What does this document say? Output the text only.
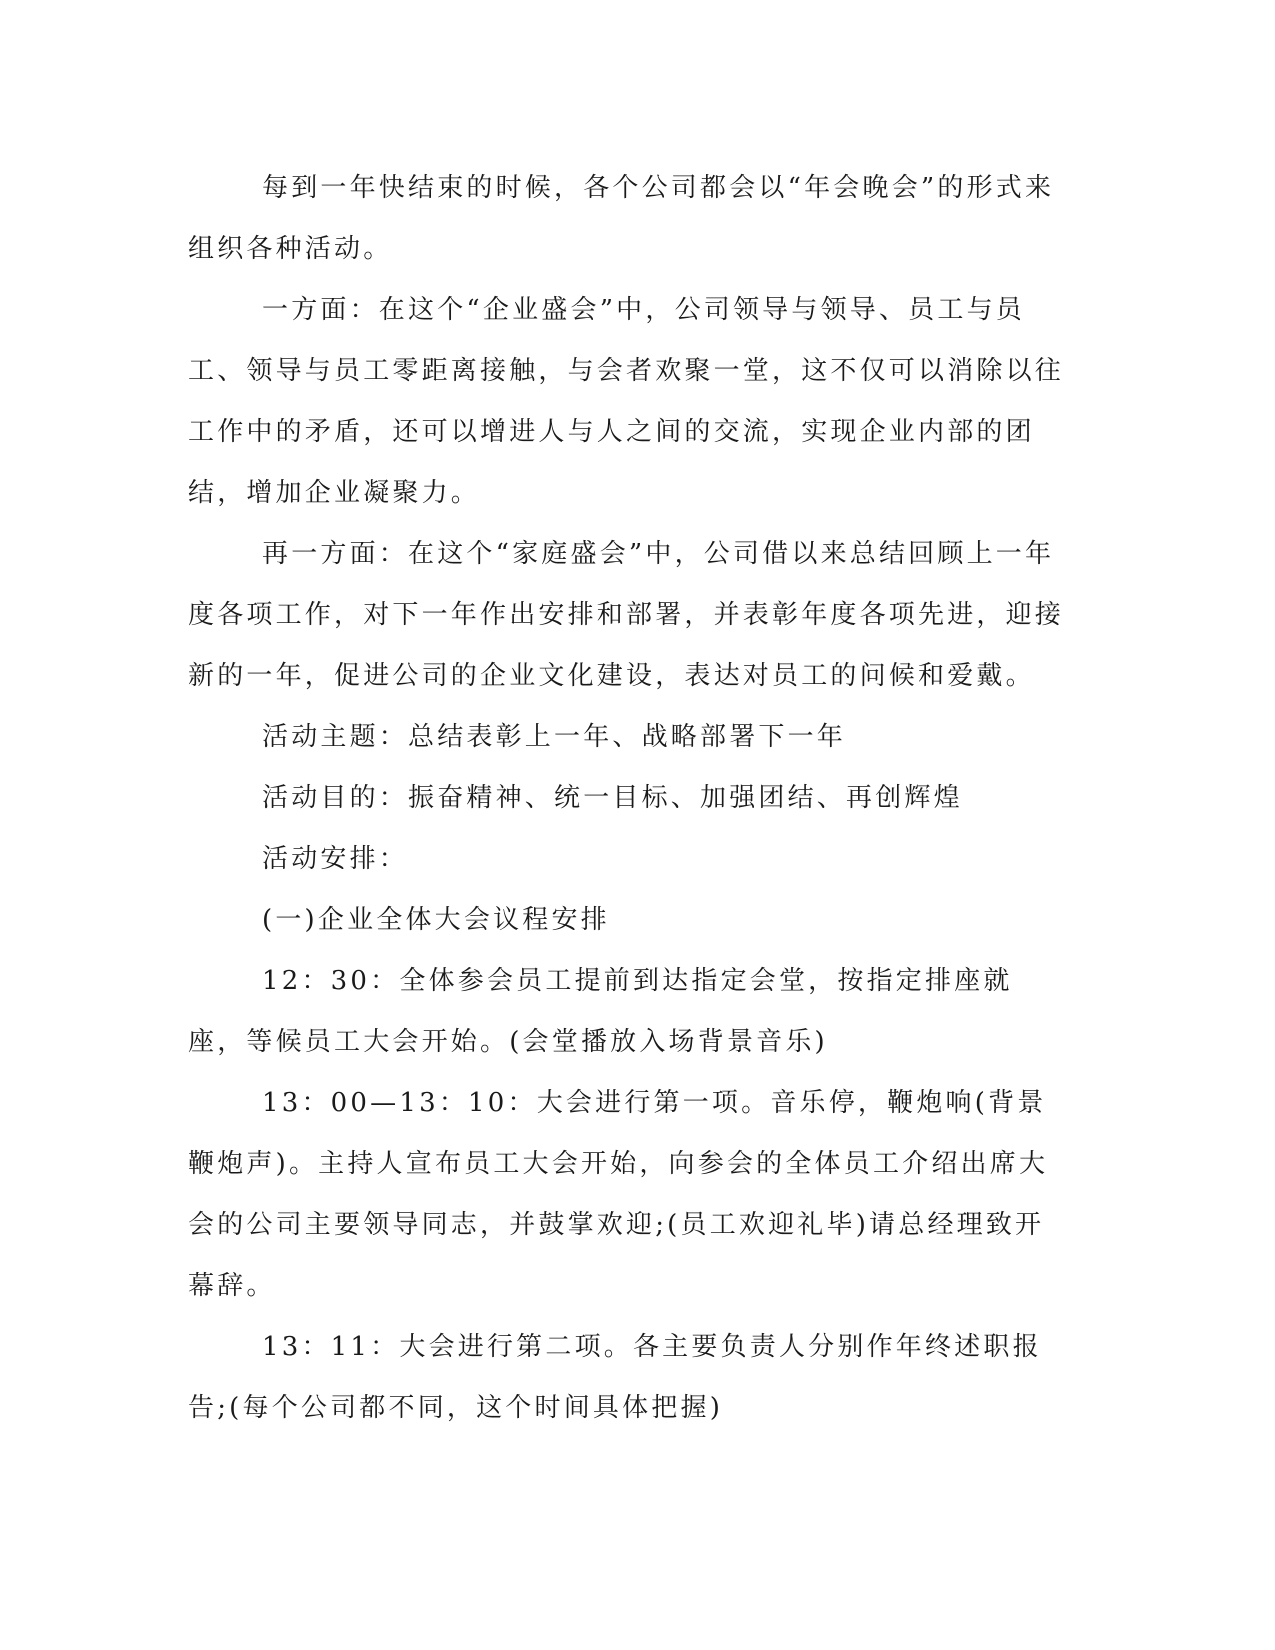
每到一年快结束的时候，各个公司都会以“年会晚会”的形式来组织各种活动。

一方面：在这个“企业盛会”中，公司领导与领导、员工与员工、领导与员工零距离接触，与会者欢聚一堂，这不仅可以消除以往工作中的矛盾，还可以增进人与人之间的交流，实现企业内部的团结，增加企业凝聚力。

再一方面：在这个“家庭盛会”中，公司借以来总结回顾上一年度各项工作，对下一年作出安排和部署，并表彰年度各项先进，迎接新的一年，促进公司的企业文化建设，表达对员工的问候和爱戴。

活动主题：总结表彰上一年、战略部署下一年

活动目的：振奋精神、统一目标、加强团结、再创辉煌

活动安排：

(一)企业全体大会议程安排

12：30：全体参会员工提前到达指定会堂，按指定排座就座，等候员工大会开始。(会堂播放入场背景音乐)

13：00—13：10：大会进行第一项。音乐停，鞭炮响(背景鞭炮声)。主持人宣布员工大会开始，向参会的全体员工介绍出席大会的公司主要领导同志，并鼓掌欢迎;(员工欢迎礼毕)请总经理致开幕辞。

13：11：大会进行第二项。各主要负责人分别作年终述职报告;(每个公司都不同，这个时间具体把握)
